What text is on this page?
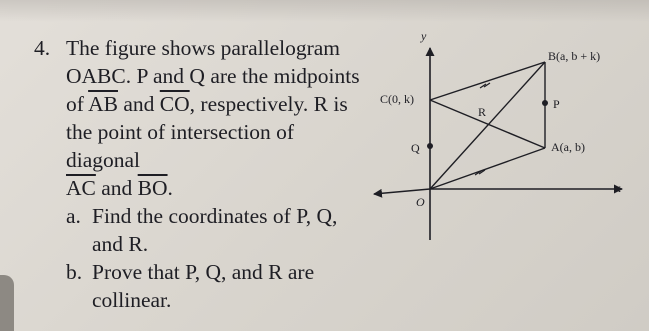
4. The figure shows parallelogram
OABC. P and Q are the midpoints
of $\overline{AB}$ and $\overline{CO}$, respectively. R is
the point of intersection of diagonal
$\overline{AC}$ and $\overline{BO}$.
a. Find the coordinates of P, Q,
and R.
b. Prove that P, Q, and R are
collinear.
y
x
O
B(a, b + k)
C(0, k)	P
R
Q	A(a, b)
